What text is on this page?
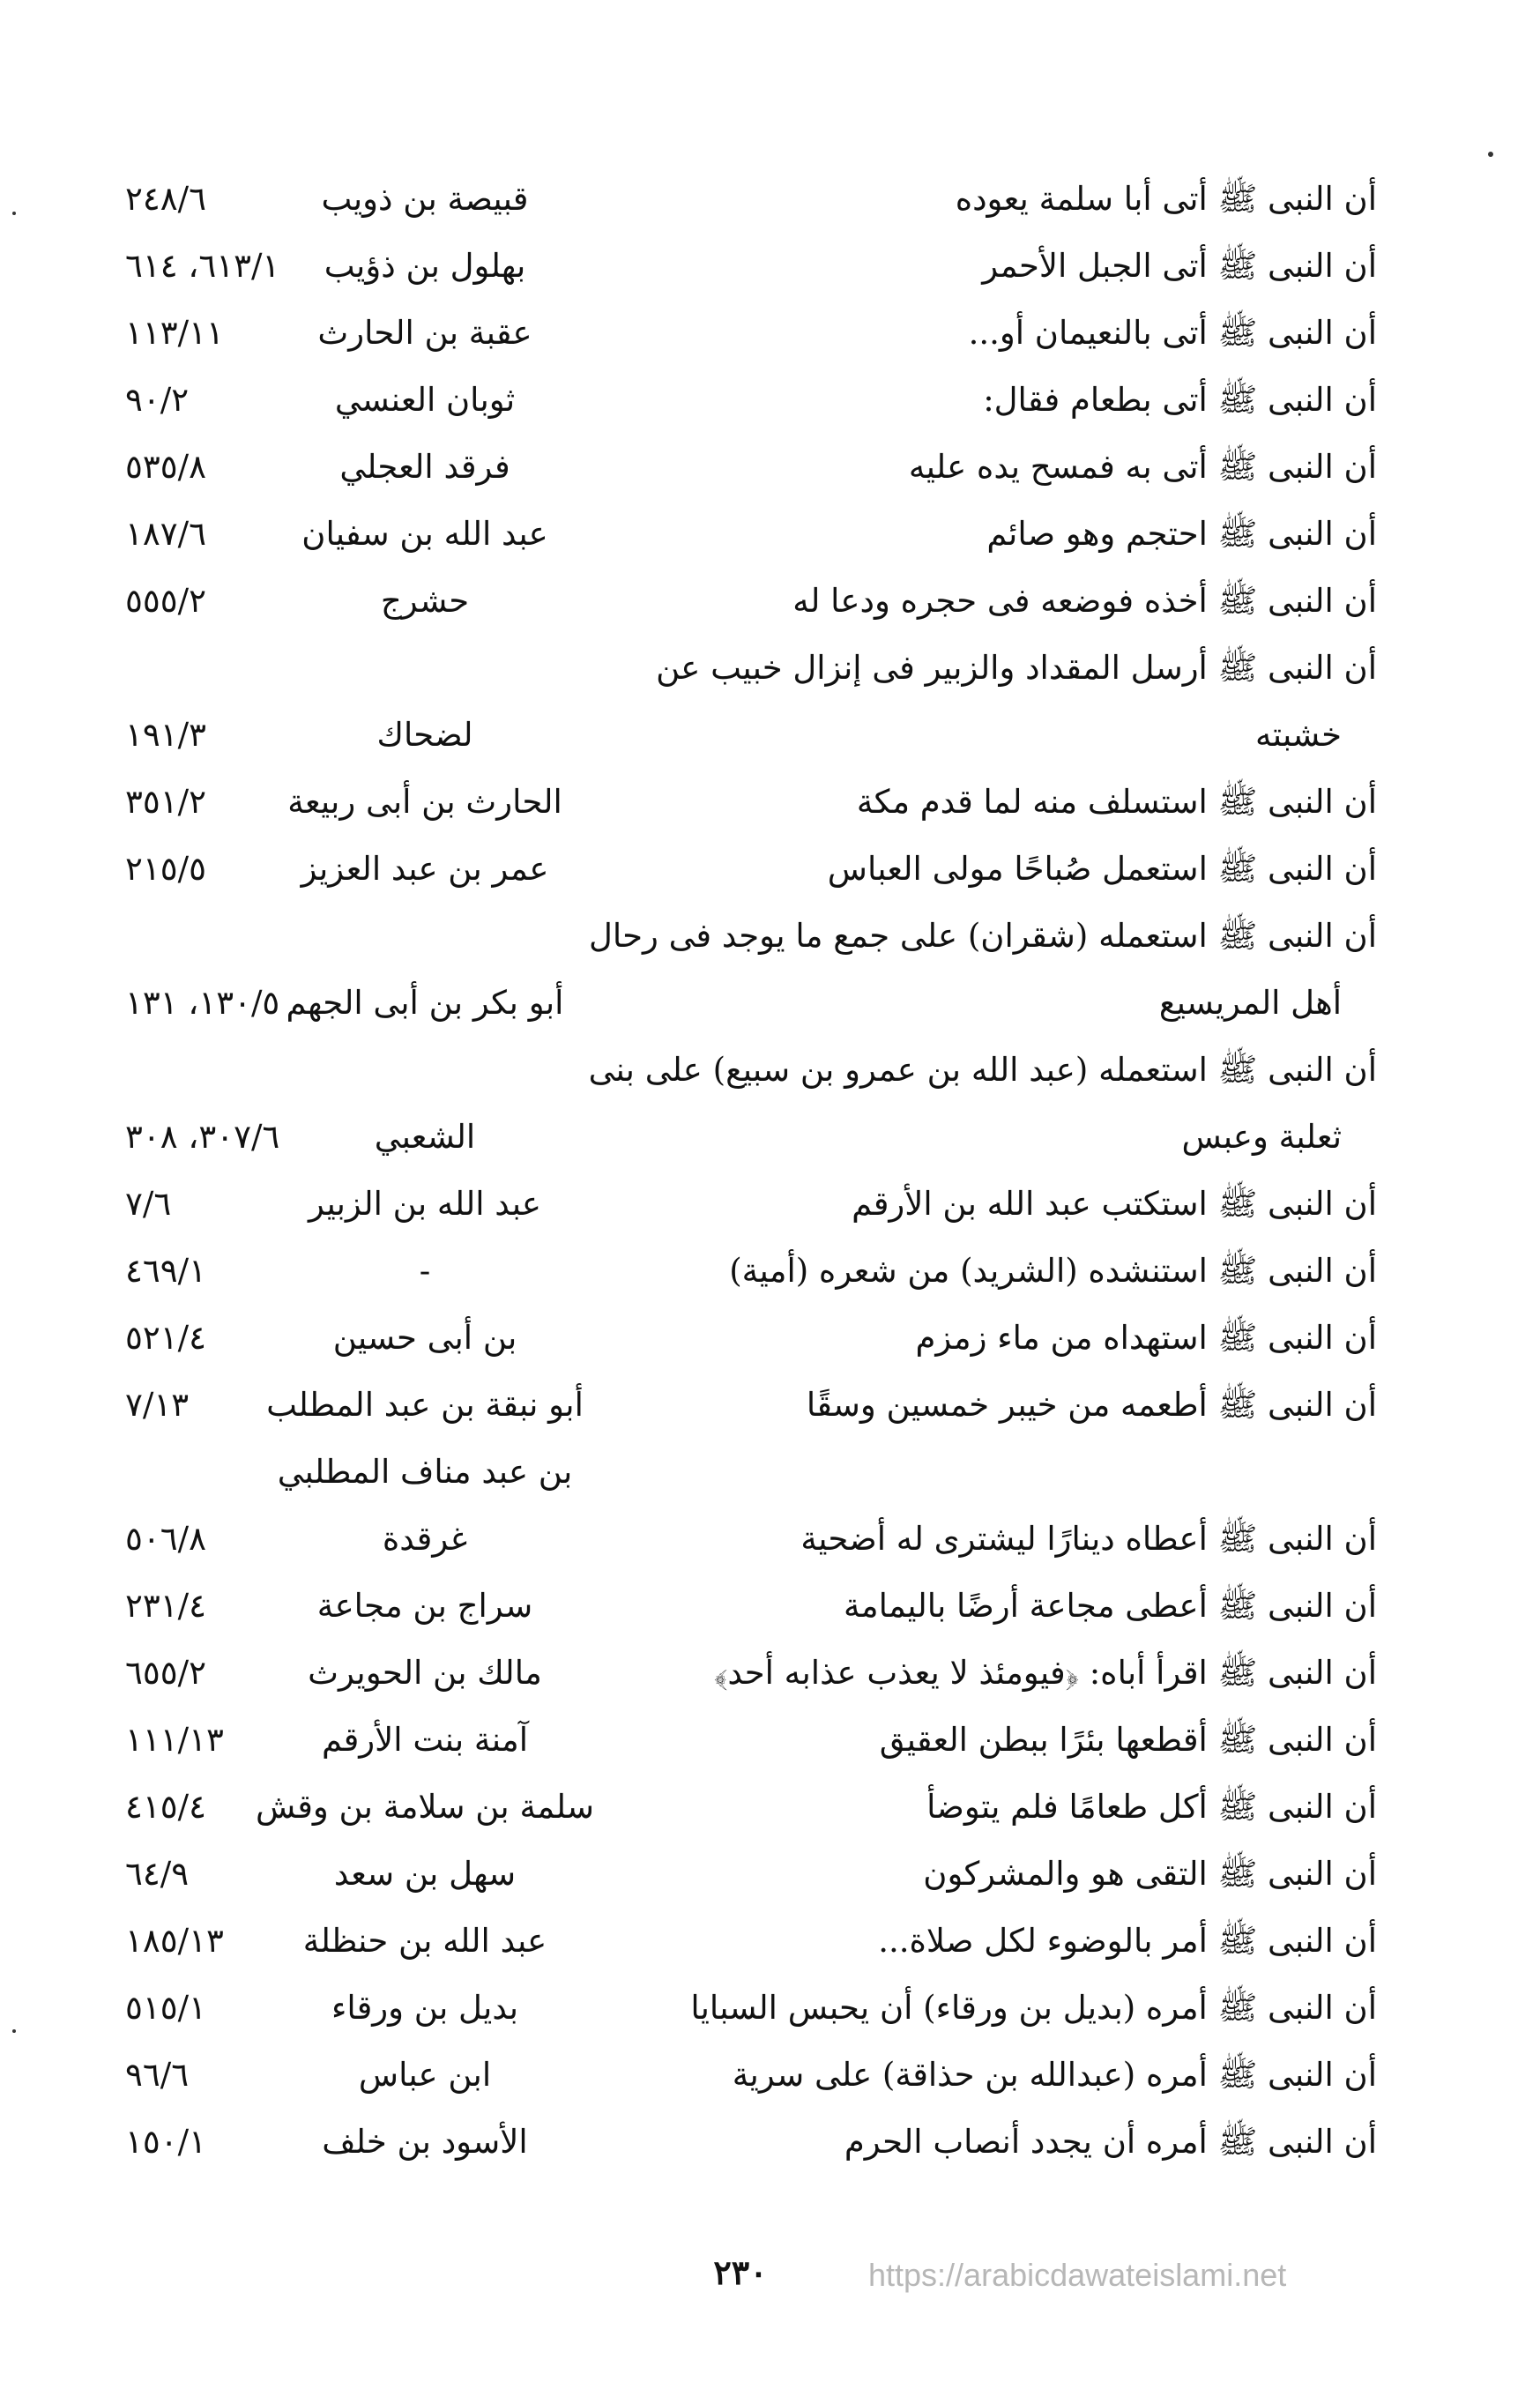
أن النبى ﷺ أتى أبا سلمة يعوده
قبيصة بن ذويب
٢٤٨/٦
أن النبى ﷺ أتى الجبل الأحمر
بهلول بن ذؤيب
٦١٣/١، ٦١٤
أن النبى ﷺ أتى بالنعيمان أو...
عقبة بن الحارث
١١٣/١١
أن النبى ﷺ أتى بطعام فقال:
ثوبان العنسي
٩٠/٢
أن النبى ﷺ أتى به فمسح يده عليه
فرقد العجلي
٥٣٥/٨
أن النبى ﷺ احتجم وهو صائم
عبد الله بن سفيان
١٨٧/٦
أن النبى ﷺ أخذه فوضعه فى حجره ودعا له
حشرج
٥٥٥/٢
أن النبى ﷺ أرسل المقداد والزبير فى إنزال خبيب عن
خشبته
لضحاك
١٩١/٣
أن النبى ﷺ استسلف منه لما قدم مكة
الحارث بن أبى ربيعة
٣٥١/٢
أن النبى ﷺ استعمل صُباحًا مولى العباس
عمر بن عبد العزيز
٢١٥/٥
أن النبى ﷺ استعمله (شقران) على جمع ما يوجد فى رحال
أهل المريسيع
أبو بكر بن أبى الجهم
١٣٠/٥، ١٣١
أن النبى ﷺ استعمله (عبد الله بن عمرو بن سبيع) على بنى
ثعلبة وعبس
الشعبي
٣٠٧/٦، ٣٠٨
أن النبى ﷺ استكتب عبد الله بن الأرقم
عبد الله بن الزبير
٧/٦
أن النبى ﷺ استنشده (الشريد) من شعره (أمية)
-
٤٦٩/١
أن النبى ﷺ استهداه من ماء زمزم
بن أبى حسين
٥٢١/٤
أن النبى ﷺ أطعمه من خيبر خمسين وسقًا
أبو نبقة بن عبد المطلب بن عبد مناف المطلبي
٧/١٣
أن النبى ﷺ أعطاه دينارًا ليشترى له أضحية
غرقدة
٥٠٦/٨
أن النبى ﷺ أعطى مجاعة أرضًا باليمامة
سراج بن مجاعة
٢٣١/٤
أن النبى ﷺ اقرأ أباه: ﴿فيومئذ لا يعذب عذابه أحد﴾
مالك بن الحويرث
٦٥٥/٢
أن النبى ﷺ أقطعها بئرًا ببطن العقيق
آمنة بنت الأرقم
١١١/١٣
أن النبى ﷺ أكل طعامًا فلم يتوضأ
سلمة بن سلامة بن وقش
٤١٥/٤
أن النبى ﷺ التقى هو والمشركون
سهل بن سعد
٦٤/٩
أن النبى ﷺ أمر بالوضوء لكل صلاة...
عبد الله بن حنظلة
١٨٥/١٣
أن النبى ﷺ أمره (بديل بن ورقاء) أن يحبس السبايا
بديل بن ورقاء
٥١٥/١
أن النبى ﷺ أمره (عبدالله بن حذاقة) على سرية
ابن عباس
٩٦/٦
أن النبى ﷺ أمره أن يجدد أنصاب الحرم
الأسود بن خلف
١٥٠/١
٢٣٠	https://arabicdawateislami.net
